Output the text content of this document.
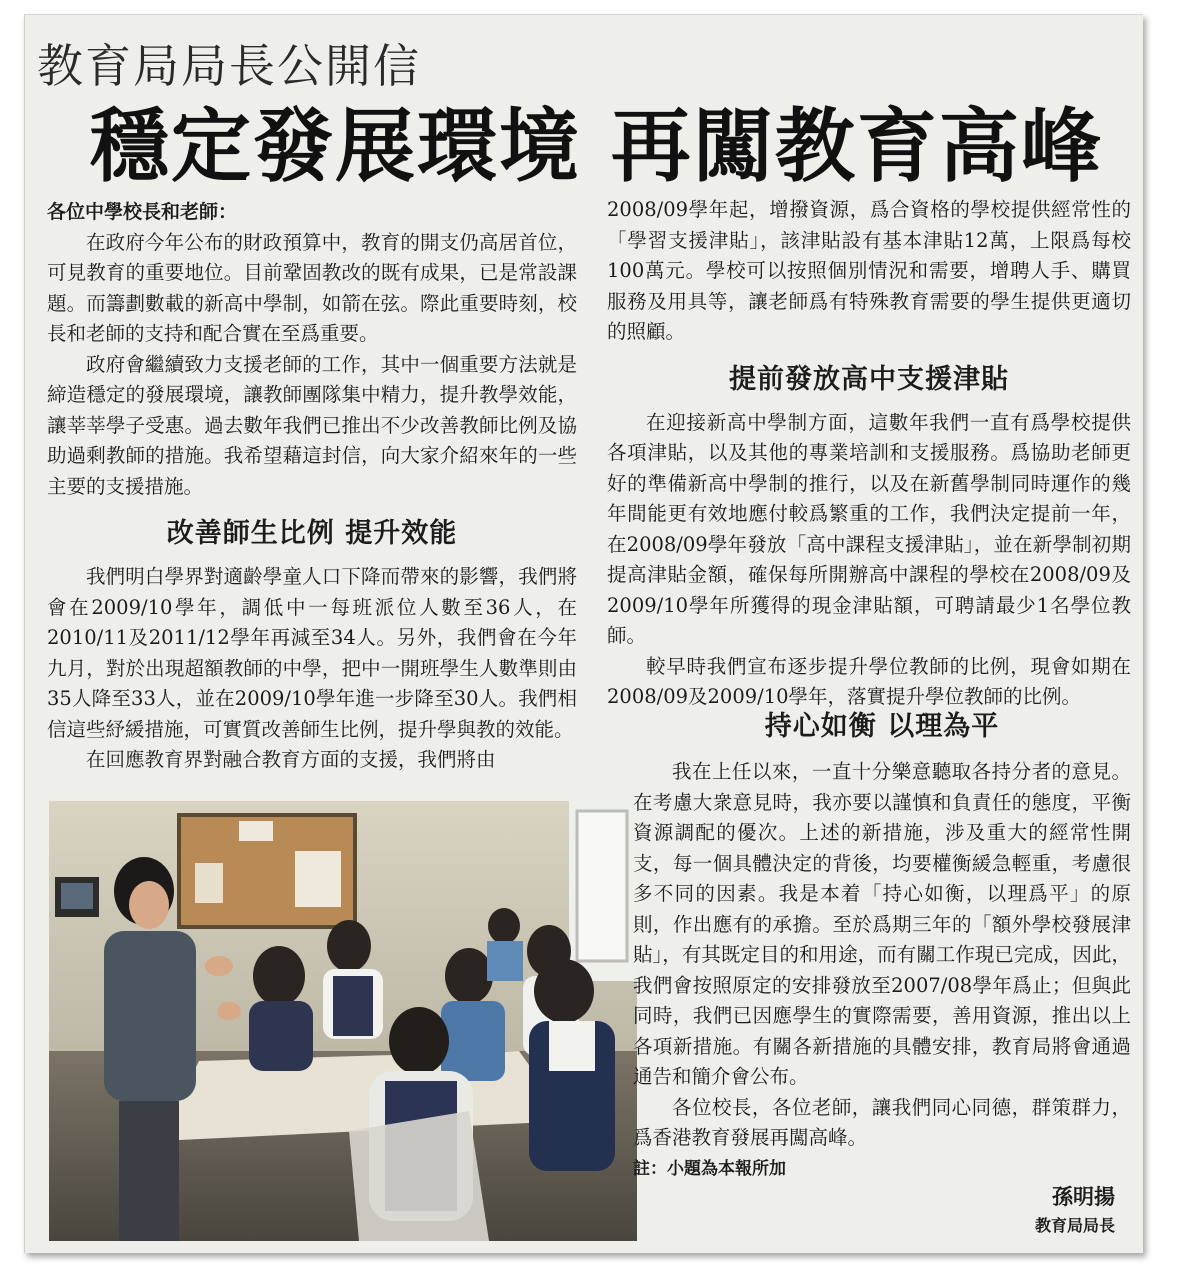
教育局局長公開信
穩定發展環境 再闖教育高峰

各位中學校長和老師：

在政府今年公布的財政預算中，教育的開支仍高居首位，可見教育的重要地位。目前鞏固教改的既有成果，已是常設課題。而籌劃數載的新高中學制，如箭在弦。際此重要時刻，校長和老師的支持和配合實在至爲重要。

政府會繼續致力支援老師的工作，其中一個重要方法就是締造穩定的發展環境，讓教師團隊集中精力，提升教學效能，讓莘莘學子受惠。過去數年我們已推出不少改善教師比例及協助過剩教師的措施。我希望藉這封信，向大家介紹來年的一些主要的支援措施。

改善師生比例 提升效能

我們明白學界對適齡學童人口下降而帶來的影響，我們將會在2009/10學年，調低中一每班派位人數至36人，在2010/11及2011/12學年再減至34人。另外，我們會在今年九月，對於出現超額教師的中學，把中一開班學生人數準則由35人降至33人，並在2009/10學年進一步降至30人。我們相信這些紓緩措施，可實質改善師生比例，提升學與教的效能。

在回應教育界對融合教育方面的支援，我們將由

2008/09學年起，增撥資源，爲合資格的學校提供經常性的「學習支援津貼」，該津貼設有基本津貼12萬，上限爲每校100萬元。學校可以按照個別情況和需要，增聘人手、購買服務及用具等，讓老師爲有特殊教育需要的學生提供更適切的照顧。

提前發放高中支援津貼

在迎接新高中學制方面，這數年我們一直有爲學校提供各項津貼，以及其他的專業培訓和支援服務。爲協助老師更好的準備新高中學制的推行，以及在新舊學制同時運作的幾年間能更有效地應付較爲繁重的工作，我們決定提前一年，在2008/09學年發放「高中課程支援津貼」，並在新學制初期提高津貼金額，確保每所開辦高中課程的學校在2008/09及2009/10學年所獲得的現金津貼額，可聘請最少1名學位教師。

較早時我們宣布逐步提升學位教師的比例，現會如期在2008/09及2009/10學年，落實提升學位教師的比例。

持心如衡 以理為平

我在上任以來，一直十分樂意聽取各持分者的意見。在考慮大衆意見時，我亦要以謹慎和負責任的態度，平衡資源調配的優次。上述的新措施，涉及重大的經常性開支，每一個具體決定的背後，均要權衡緩急輕重，考慮很多不同的因素。我是本着「持心如衡，以理爲平」的原則，作出應有的承擔。至於爲期三年的「額外學校發展津貼」，有其既定目的和用途，而有關工作現已完成，因此，我們會按照原定的安排發放至2007/08學年爲止；但與此同時，我們已因應學生的實際需要，善用資源，推出以上各項新措施。有關各新措施的具體安排，教育局將會通過通告和簡介會公布。

各位校長，各位老師，讓我們同心同德，群策群力，爲香港教育發展再闖高峰。

註：小題為本報所加

孫明揚
教育局局長
